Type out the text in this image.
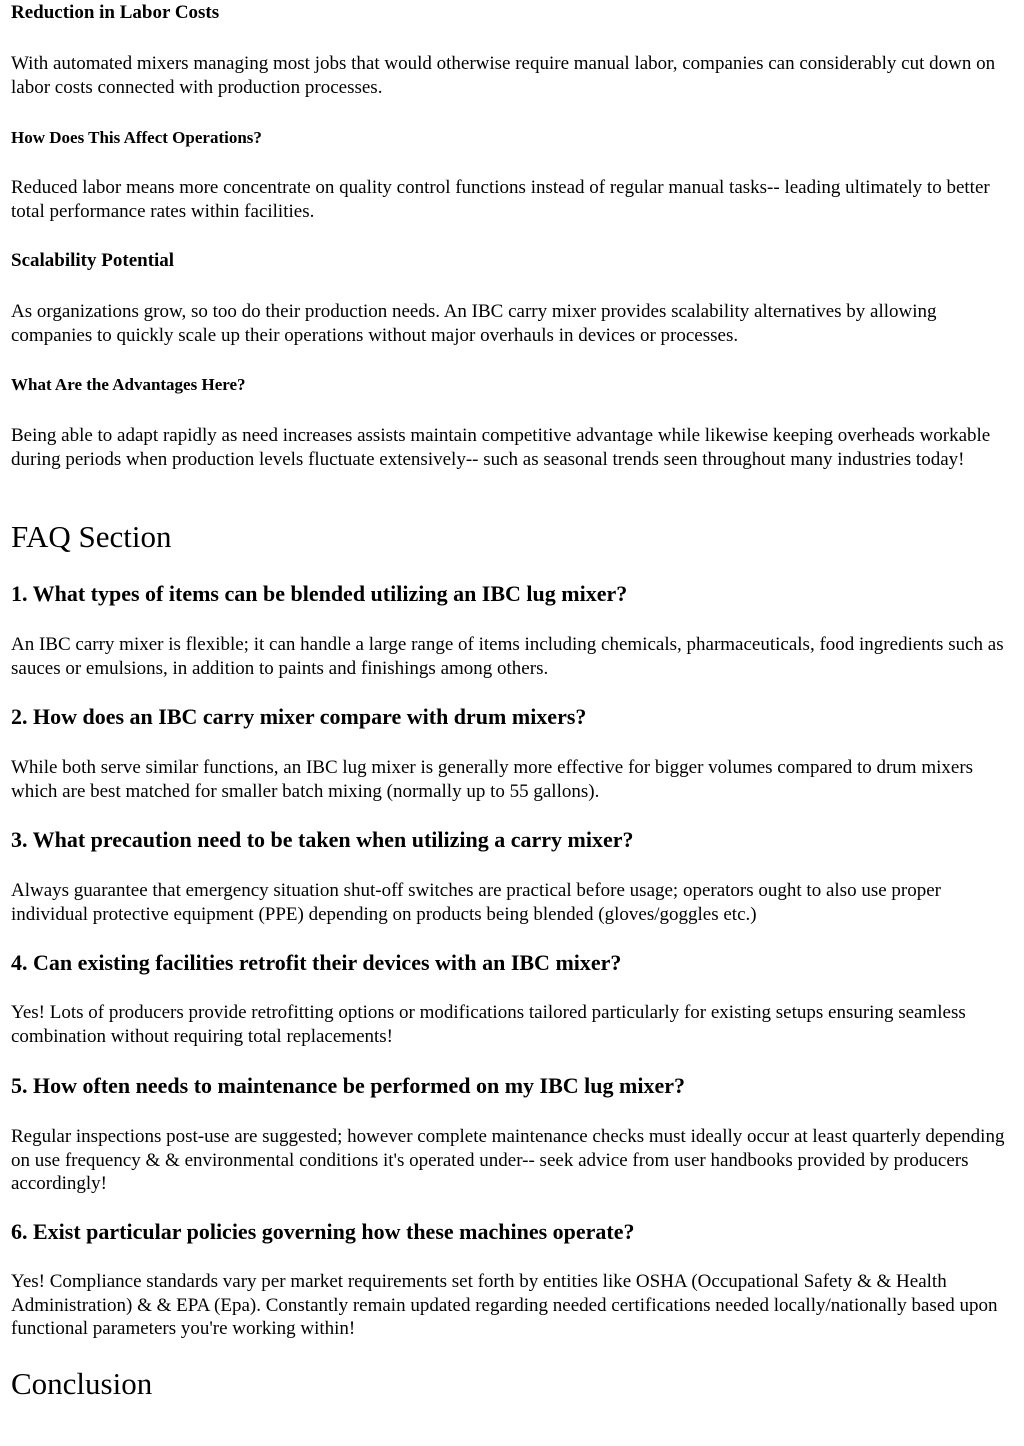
Reduction in Labor Costs

With automated mixers managing most jobs that would otherwise require manual labor, companies can considerably cut down on labor costs connected with production processes.

How Does This Affect Operations?

Reduced labor means more concentrate on quality control functions instead of regular manual tasks-- leading ultimately to better total performance rates within facilities.

Scalability Potential

As organizations grow, so too do their production needs. An IBC carry mixer provides scalability alternatives by allowing companies to quickly scale up their operations without major overhauls in devices or processes.

What Are the Advantages Here?

Being able to adapt rapidly as need increases assists maintain competitive advantage while likewise keeping overheads workable during periods when production levels fluctuate extensively-- such as seasonal trends seen throughout many industries today!

FAQ Section
1. What types of items can be blended utilizing an IBC lug mixer?

An IBC carry mixer is flexible; it can handle a large range of items including chemicals, pharmaceuticals, food ingredients such as sauces or emulsions, in addition to paints and finishings among others.

2. How does an IBC carry mixer compare with drum mixers?

While both serve similar functions, an IBC lug mixer is generally more effective for bigger volumes compared to drum mixers which are best matched for smaller batch mixing (normally up to 55 gallons).

3. What precaution need to be taken when utilizing a carry mixer?

Always guarantee that emergency situation shut-off switches are practical before usage; operators ought to also use proper individual protective equipment (PPE) depending on products being blended (gloves/goggles etc.)

4. Can existing facilities retrofit their devices with an IBC mixer?

Yes! Lots of producers provide retrofitting options or modifications tailored particularly for existing setups ensuring seamless combination without requiring total replacements!

5. How often needs to maintenance be performed on my IBC lug mixer?

Regular inspections post-use are suggested; however complete maintenance checks must ideally occur at least quarterly depending on use frequency & & environmental conditions it's operated under-- seek advice from user handbooks provided by producers accordingly!

6. Exist particular policies governing how these machines operate?

Yes! Compliance standards vary per market requirements set forth by entities like OSHA (Occupational Safety & & Health Administration) & & EPA (Epa). Constantly remain updated regarding needed certifications needed locally/nationally based upon functional parameters you're working within!

Conclusion
